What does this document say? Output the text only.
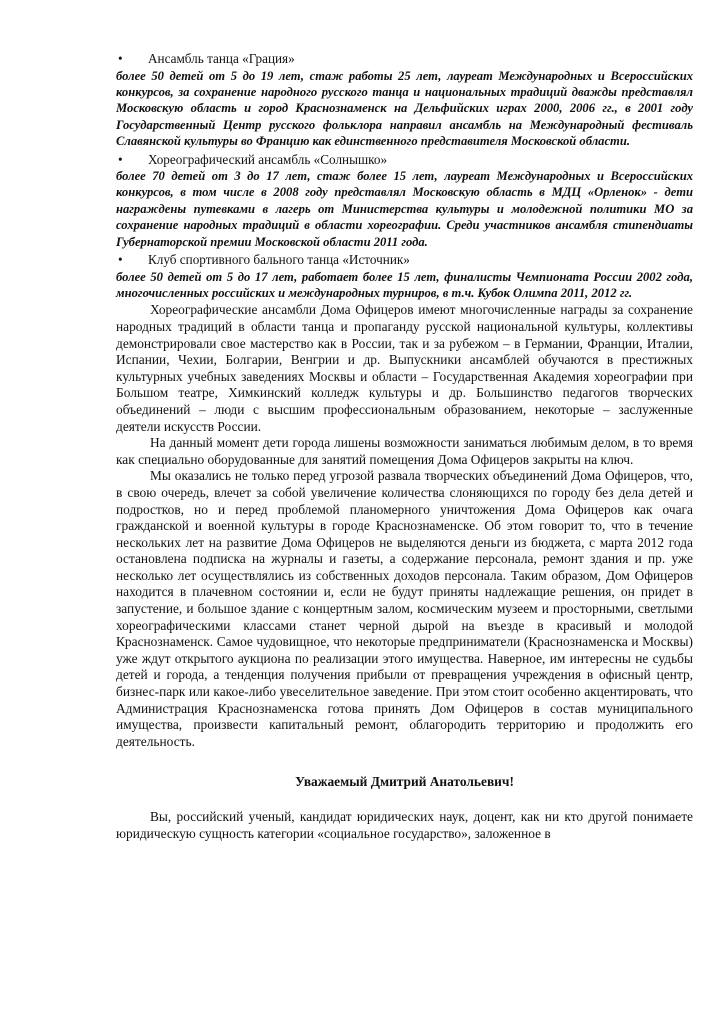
• Ансамбль танца «Грация»

более 50 детей от 5 до 19 лет, стаж работы 25 лет, лауреат Международных и Всероссийских конкурсов, за сохранение народного русского танца и национальных традиций дважды представлял Московскую область и город Краснознаменск на Дельфийских играх 2000, 2006 гг., в 2001 году Государственный Центр русского фольклора направил ансамбль на Международный фестиваль Славянской культуры во Францию как единственного представителя Московской области.

• Хореографический ансамбль «Солнышко»

более 70 детей от 3 до 17 лет, стаж более 15 лет, лауреат Международных и Всероссийских конкурсов, в том числе в 2008 году представлял Московскую область в МДЦ «Орленок» - дети награждены путевками в лагерь от Министерства культуры и молодежной политики МО за сохранение народных традиций в области хореографии. Среди участников ансамбля стипендиаты Губернаторской премии Московской области 2011 года.

• Клуб спортивного бального танца «Источник»

более 50 детей от 5 до 17 лет, работает более 15 лет, финалисты Чемпионата России 2002 года, многочисленных российских и международных турниров, в т.ч. Кубок Олимпа 2011, 2012 гг.

Хореографические ансамбли Дома Офицеров имеют многочисленные награды за сохранение народных традиций в области танца и пропаганду русской национальной культуры, коллективы демонстрировали свое мастерство как в России, так и за рубежом – в Германии, Франции, Италии, Испании, Чехии, Болгарии, Венгрии и др. Выпускники ансамблей обучаются в престижных культурных учебных заведениях Москвы и области – Государственная Академия хореографии при Большом театре, Химкинский колледж культуры и др. Большинство педагогов творческих объединений – люди с высшим профессиональным образованием, некоторые – заслуженные деятели искусств России.

На данный момент дети города лишены возможности заниматься любимым делом, в то время как специально оборудованные для занятий помещения Дома Офицеров закрыты на ключ.

Мы оказались не только перед угрозой развала творческих объединений Дома Офицеров, что, в свою очередь, влечет за собой увеличение количества слоняющихся по городу без дела детей и подростков, но и перед проблемой планомерного уничтожения Дома Офицеров как очага гражданской и военной культуры в городе Краснознаменске. Об этом говорит то, что в течение нескольких лет на развитие Дома Офицеров не выделяются деньги из бюджета, с марта 2012 года остановлена подписка на журналы и газеты, а содержание персонала, ремонт здания и пр. уже несколько лет осуществлялись из собственных доходов персонала. Таким образом, Дом Офицеров находится в плачевном состоянии и, если не будут приняты надлежащие решения, он придет в запустение, и большое здание с концертным залом, космическим музеем и просторными, светлыми хореографическими классами станет черной дырой на въезде в красивый и молодой Краснознаменск. Самое чудовищное, что некоторые предприниматели (Краснознаменска и Москвы) уже ждут открытого аукциона по реализации этого имущества. Наверное, им интересны не судьбы детей и города, а тенденция получения прибыли от превращения учреждения в офисный центр, бизнес-парк или какое-либо увеселительное заведение. При этом стоит особенно акцентировать, что Администрация Краснознаменска готова принять Дом Офицеров в состав муниципального имущества, произвести капитальный ремонт, облагородить территорию и продолжить его деятельность.

Уважаемый Дмитрий Анатольевич!

Вы, российский ученый, кандидат юридических наук, доцент, как ни кто другой понимаете юридическую сущность категории «социальное государство», заложенное в
